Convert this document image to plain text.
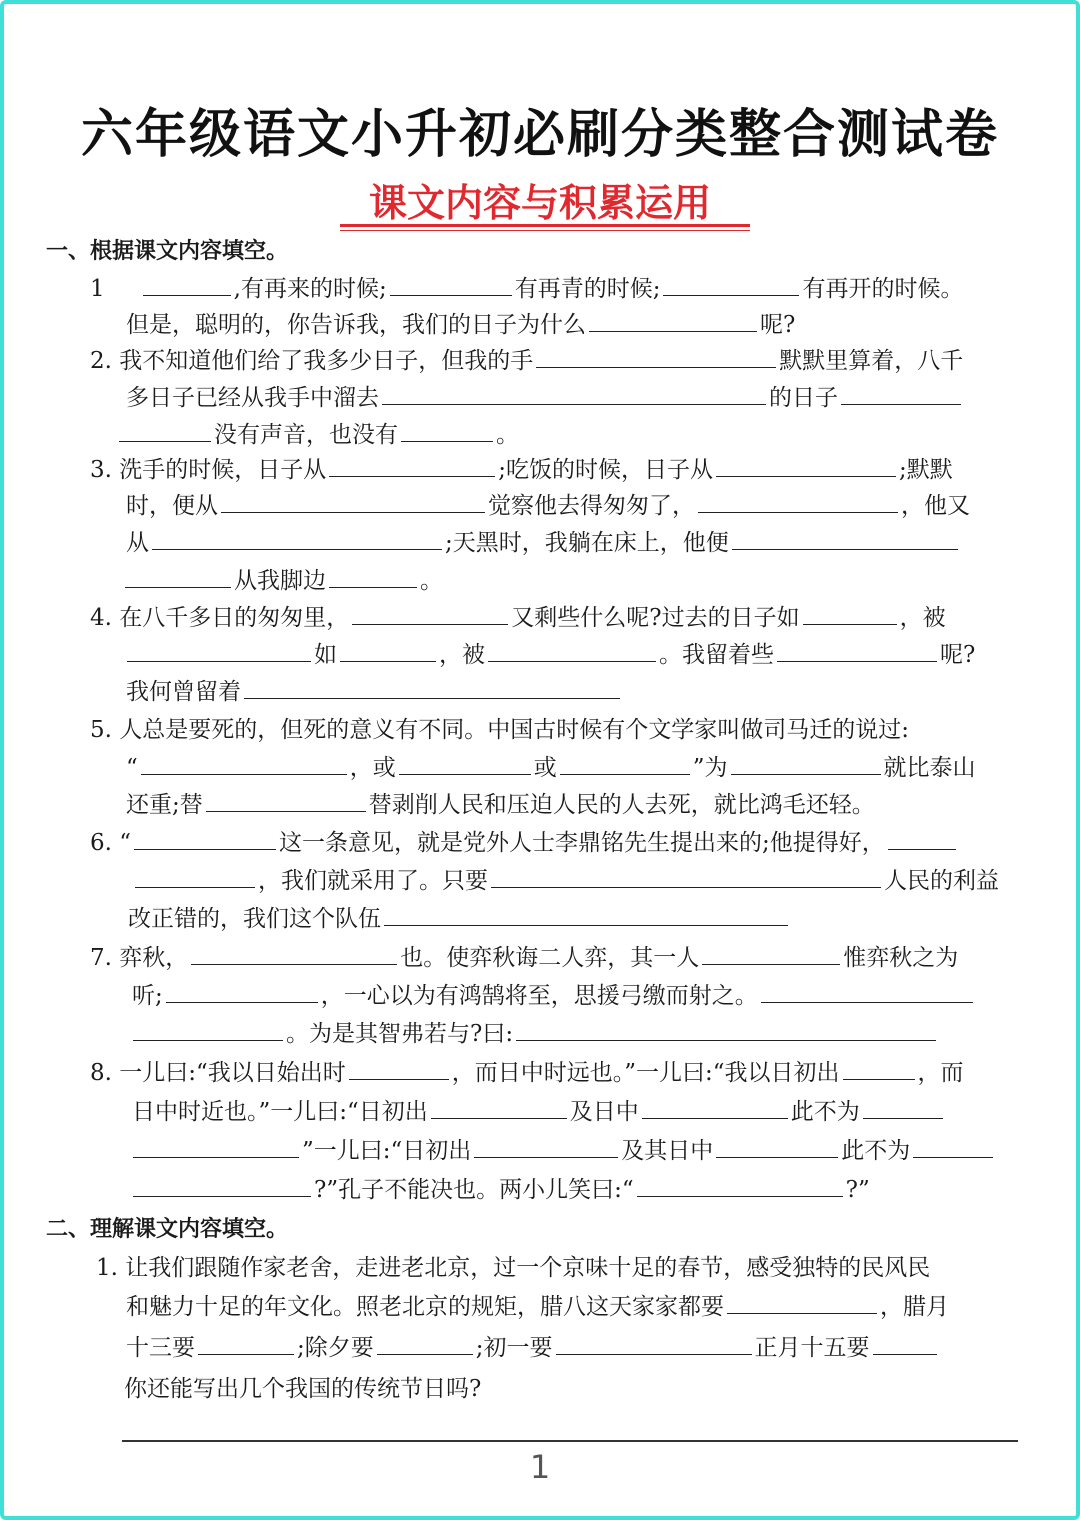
六年级语文小升初必刷分类整合测试卷
课文内容与积累运用
一、根据课文内容填空。
1	,有再来的时候;	有再青的时候;	有再开的时候。
但是，聪明的，你告诉我，我们的日子为什么	呢?
2. 我不知道他们给了我多少日子，但我的手	默默里算着，八千
多日子已经从我手中溜去	的日子
没有声音，也没有	。
3. 洗手的时候，日子从	;吃饭的时候，日子从	;默默
时，便从	觉察他去得匆匆了，	，他又
从	;天黑时，我躺在床上，他便
从我脚边	。
4. 在八千多日的匆匆里，	又剩些什么呢?过去的日子如	，被
如	，被	。我留着些	呢?
我何曾留着
5. 人总是要死的，但死的意义有不同。中国古时候有个文学家叫做司马迁的说过:
“	，或	或	”为	就比泰山
还重;替	替剥削人民和压迫人民的人去死，就比鸿毛还轻。
6. “	这一条意见，就是党外人士李鼎铭先生提出来的;他提得好，
，我们就采用了。只要	人民的利益
改正错的，我们这个队伍
7. 弈秋，	也。使弈秋诲二人弈，其一人	惟弈秋之为
听;	，一心以为有鸿鹄将至，思援弓缴而射之。
。为是其智弗若与?曰:
8. 一儿曰:“我以日始出时	，而日中时远也。”一儿曰:“我以日初出	，而
日中时近也。”一儿曰:“日初出	及日中	此不为
”一儿曰:“日初出	及其日中	此不为
?”孔子不能决也。两小儿笑曰:“	?”
二、理解课文内容填空。
1. 让我们跟随作家老舍，走进老北京，过一个京味十足的春节，感受独特的民风民
和魅力十足的年文化。照老北京的规矩，腊八这天家家都要	，腊月
十三要	;除夕要	;初一要	正月十五要
你还能写出几个我国的传统节日吗?
1
